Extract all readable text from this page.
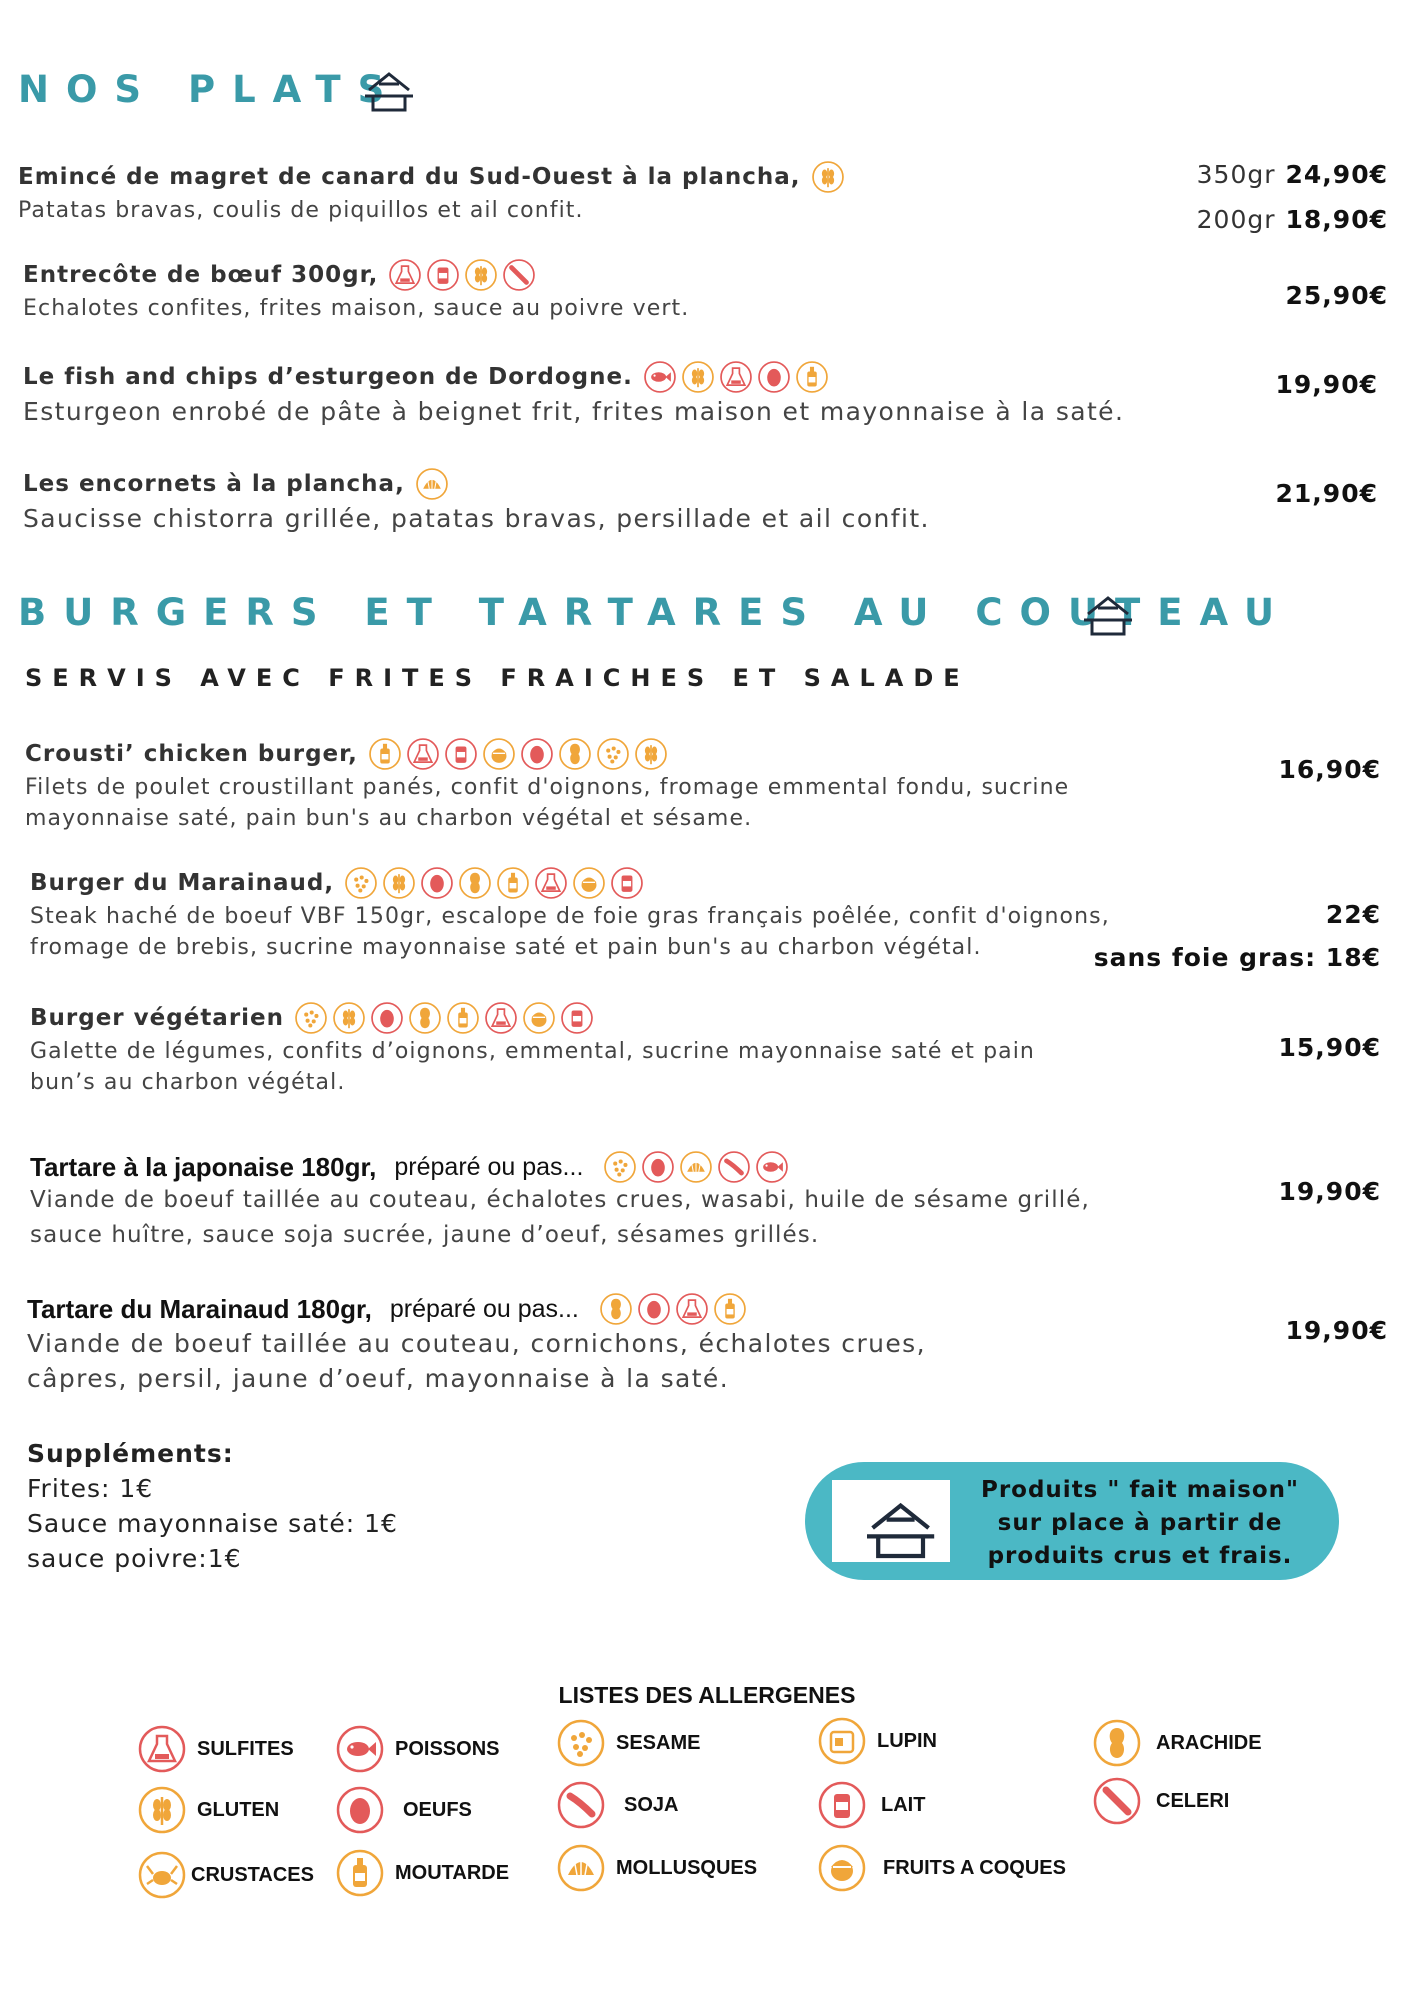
NOS PLATS
Emincé de magret de canard du Sud-Ouest à la plancha,
Patatas bravas, coulis de piquillos et ail confit.
350gr 24,90€
200gr 18,90€
Entrecôte de bœuf 300gr,
Echalotes confites, frites maison, sauce au poivre vert.	25,90€
Le fish and chips d’esturgeon de Dordogne.
Esturgeon enrobé de pâte à beignet frit, frites maison et mayonnaise à la saté.
19,90€
Les encornets à la plancha,
Saucisse chistorra grillée, patatas bravas, persillade et ail confit.
21,90€
BURGERS ET TARTARES AU COUTEAU
SERVIS AVEC FRITES FRAICHES ET SALADE
Crousti’ chicken burger,
Filets de poulet croustillant panés, confit d'oignons, fromage emmental fondu, sucrine
mayonnaise saté, pain bun's au charbon végétal et sésame.
16,90€
Burger du Marainaud,
Steak haché de boeuf VBF 150gr, escalope de foie gras français poêlée, confit d'oignons,
fromage de brebis, sucrine mayonnaise saté et pain bun's au charbon végétal.
22€
sans foie gras: 18€
Burger végétarien
Galette de légumes, confits d’oignons, emmental, sucrine mayonnaise saté et pain
bun’s au charbon végétal.
15,90€
Tartare à la japonaise 180gr, préparé ou pas...
Viande de boeuf taillée au couteau, échalotes crues, wasabi, huile de sésame grillé,
sauce huître, sauce soja sucrée, jaune d’oeuf, sésames grillés.
19,90€
Tartare du Marainaud 180gr, préparé ou pas...
Viande de boeuf taillée au couteau, cornichons, échalotes crues,
câpres, persil, jaune d’oeuf, mayonnaise à la saté.
19,90€
Suppléments:
Frites: 1€
Sauce mayonnaise saté: 1€
sauce poivre:1€
Produits " fait maison"
sur place à partir de
produits crus et frais.
LISTES DES ALLERGENES
SULFITES
GLUTEN
CRUSTACES
POISSONS
OEUFS
MOUTARDE
SESAME
SOJA
MOLLUSQUES
LUPIN
LAIT
FRUITS A COQUES
ARACHIDE
CELERI
